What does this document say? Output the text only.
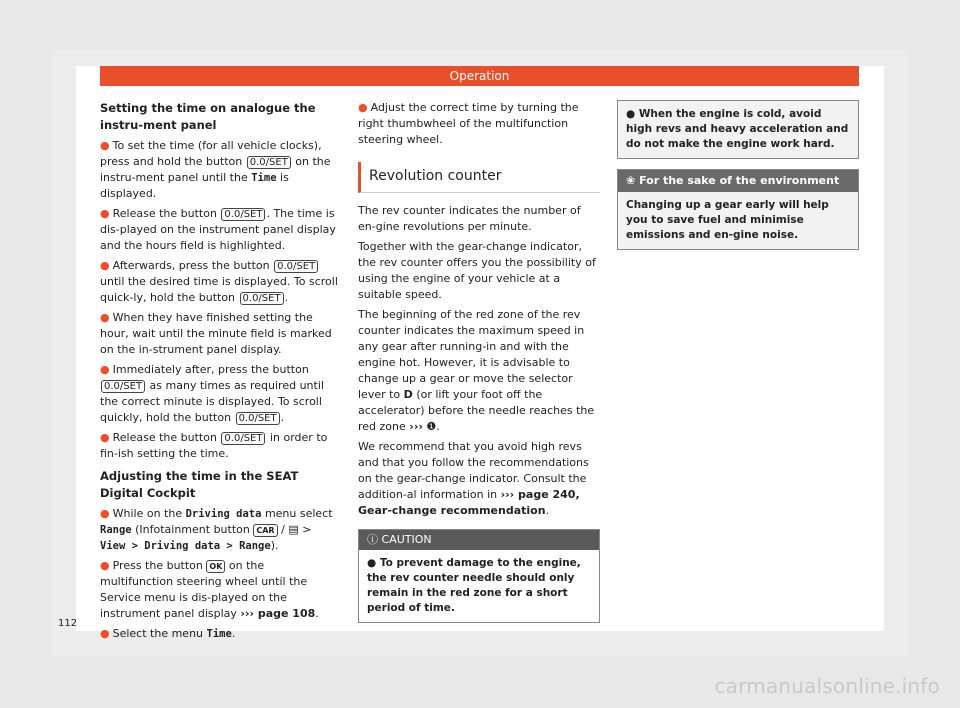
Operation
Setting the time on analogue the instru-ment panel
● To set the time (for all vehicle clocks), press and hold the button 0.0/SET on the instru-ment panel until the Time is displayed.
● Release the button 0.0/SET . The time is dis-played on the instrument panel display and the hours field is highlighted.
● Afterwards, press the button 0.0/SET until the desired time is displayed. To scroll quick-ly, hold the button 0.0/SET .
● When they have finished setting the hour, wait until the minute field is marked on the in-strument panel display.
● Immediately after, press the button 0.0/SET as many times as required until the correct minute is displayed. To scroll quickly, hold the button 0.0/SET .
● Release the button 0.0/SET in order to fin-ish setting the time.
Adjusting the time in the SEAT Digital Cockpit
● While on the Driving data menu select Range (Infotainment button CAR / ▤ > View > Driving data > Range).
● Press the button OK on the multifunction steering wheel until the Service menu is dis-played on the instrument panel display ››› page 108.
● Select the menu Time.
● Adjust the correct time by turning the right thumbwheel of the multifunction steering wheel.
Revolution counter
The rev counter indicates the number of en-gine revolutions per minute.
Together with the gear-change indicator, the rev counter offers you the possibility of using the engine of your vehicle at a suitable speed.
The beginning of the red zone of the rev counter indicates the maximum speed in any gear after running-in and with the engine hot. However, it is advisable to change up a gear or move the selector lever to D (or lift your foot off the accelerator) before the needle reaches the red zone ››› ❶.
We recommend that you avoid high revs and that you follow the recommendations on the gear-change indicator. Consult the addition-al information in ››› page 240, Gear-change recommendation.
ⓘ CAUTION
● To prevent damage to the engine, the rev counter needle should only remain in the red zone for a short period of time.
● When the engine is cold, avoid high revs and heavy acceleration and do not make the engine work hard.
❀ For the sake of the environment
Changing up a gear early will help you to save fuel and minimise emissions and en-gine noise.
112
carmanualsonline.info
